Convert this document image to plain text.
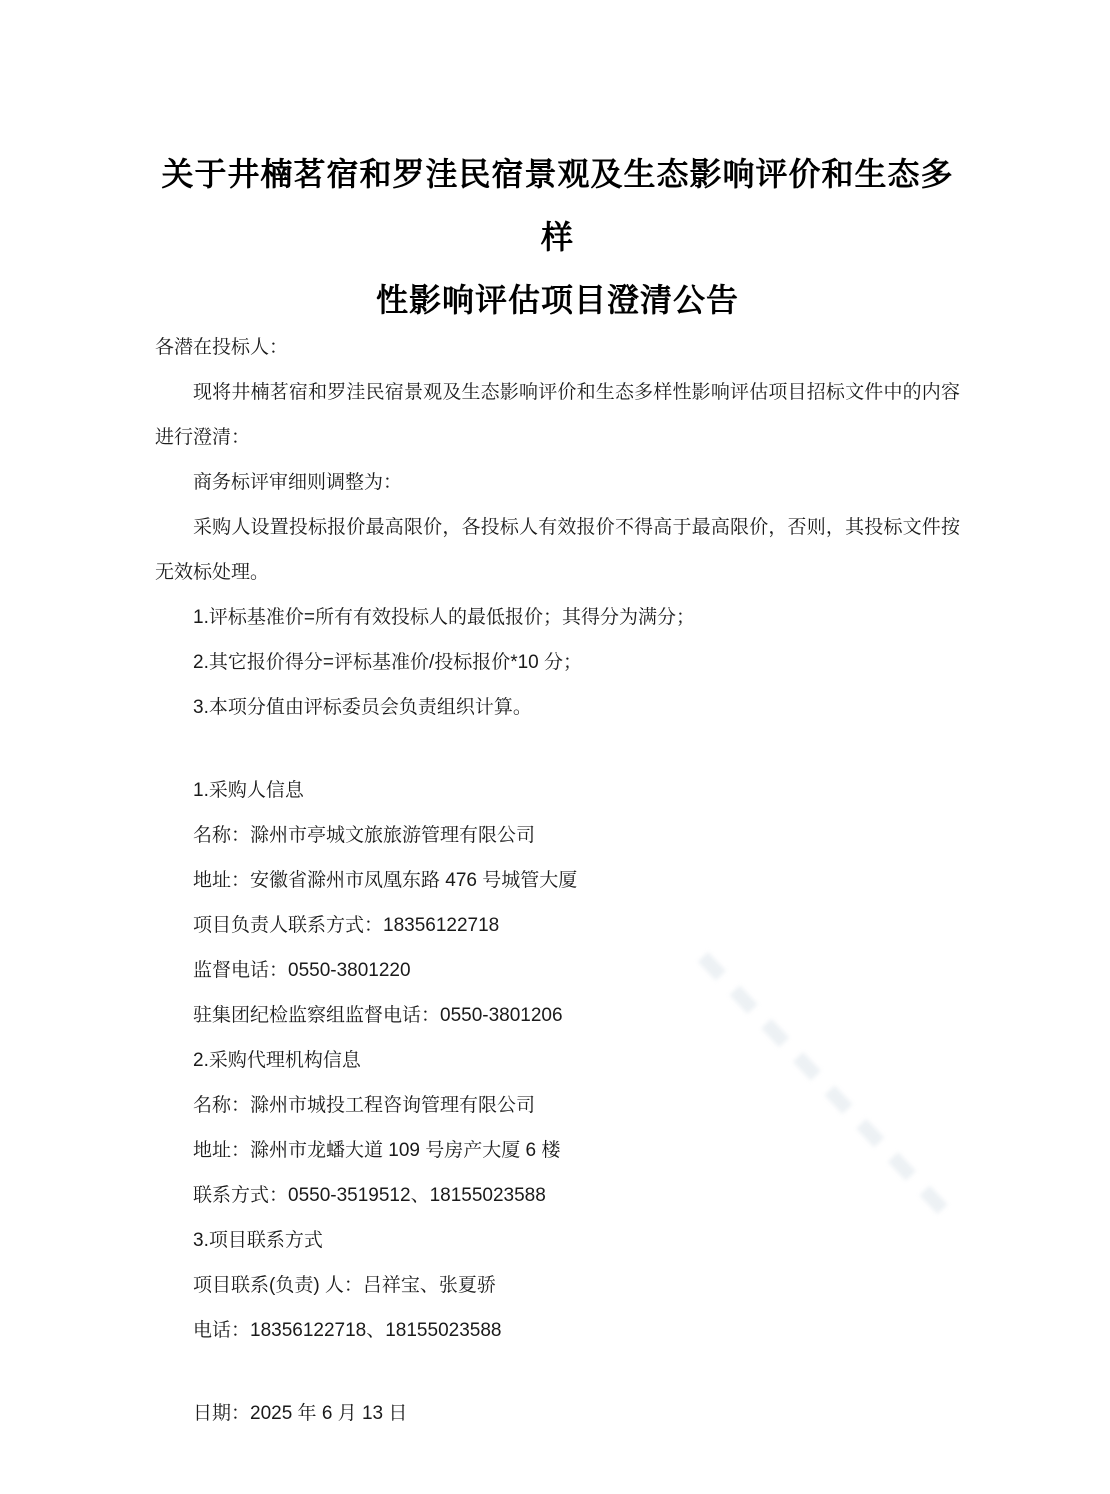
关于井楠茗宿和罗洼民宿景观及生态影响评价和生态多样
性影响评估项目澄清公告

各潜在投标人：

现将井楠茗宿和罗洼民宿景观及生态影响评价和生态多样性影响评估项目招标文件中的内容进行澄清：

商务标评审细则调整为：

采购人设置投标报价最高限价，各投标人有效报价不得高于最高限价，否则，其投标文件按无效标处理。

1.评标基准价=所有有效投标人的最低报价；其得分为满分；

2.其它报价得分=评标基准价/投标报价*10 分；

3.本项分值由评标委员会负责组织计算。

1.采购人信息

名称：滁州市亭城文旅旅游管理有限公司

地址：安徽省滁州市凤凰东路 476 号城管大厦

项目负责人联系方式：18356122718

监督电话：0550-3801220

驻集团纪检监察组监督电话：0550-3801206

2.采购代理机构信息

名称：滁州市城投工程咨询管理有限公司

地址：滁州市龙蟠大道 109 号房产大厦 6 楼

联系方式：0550-3519512、18155023588

3.项目联系方式

项目联系(负责) 人：吕祥宝、张夏骄

电话：18356122718、18155023588

日期：2025 年 6 月 13 日
